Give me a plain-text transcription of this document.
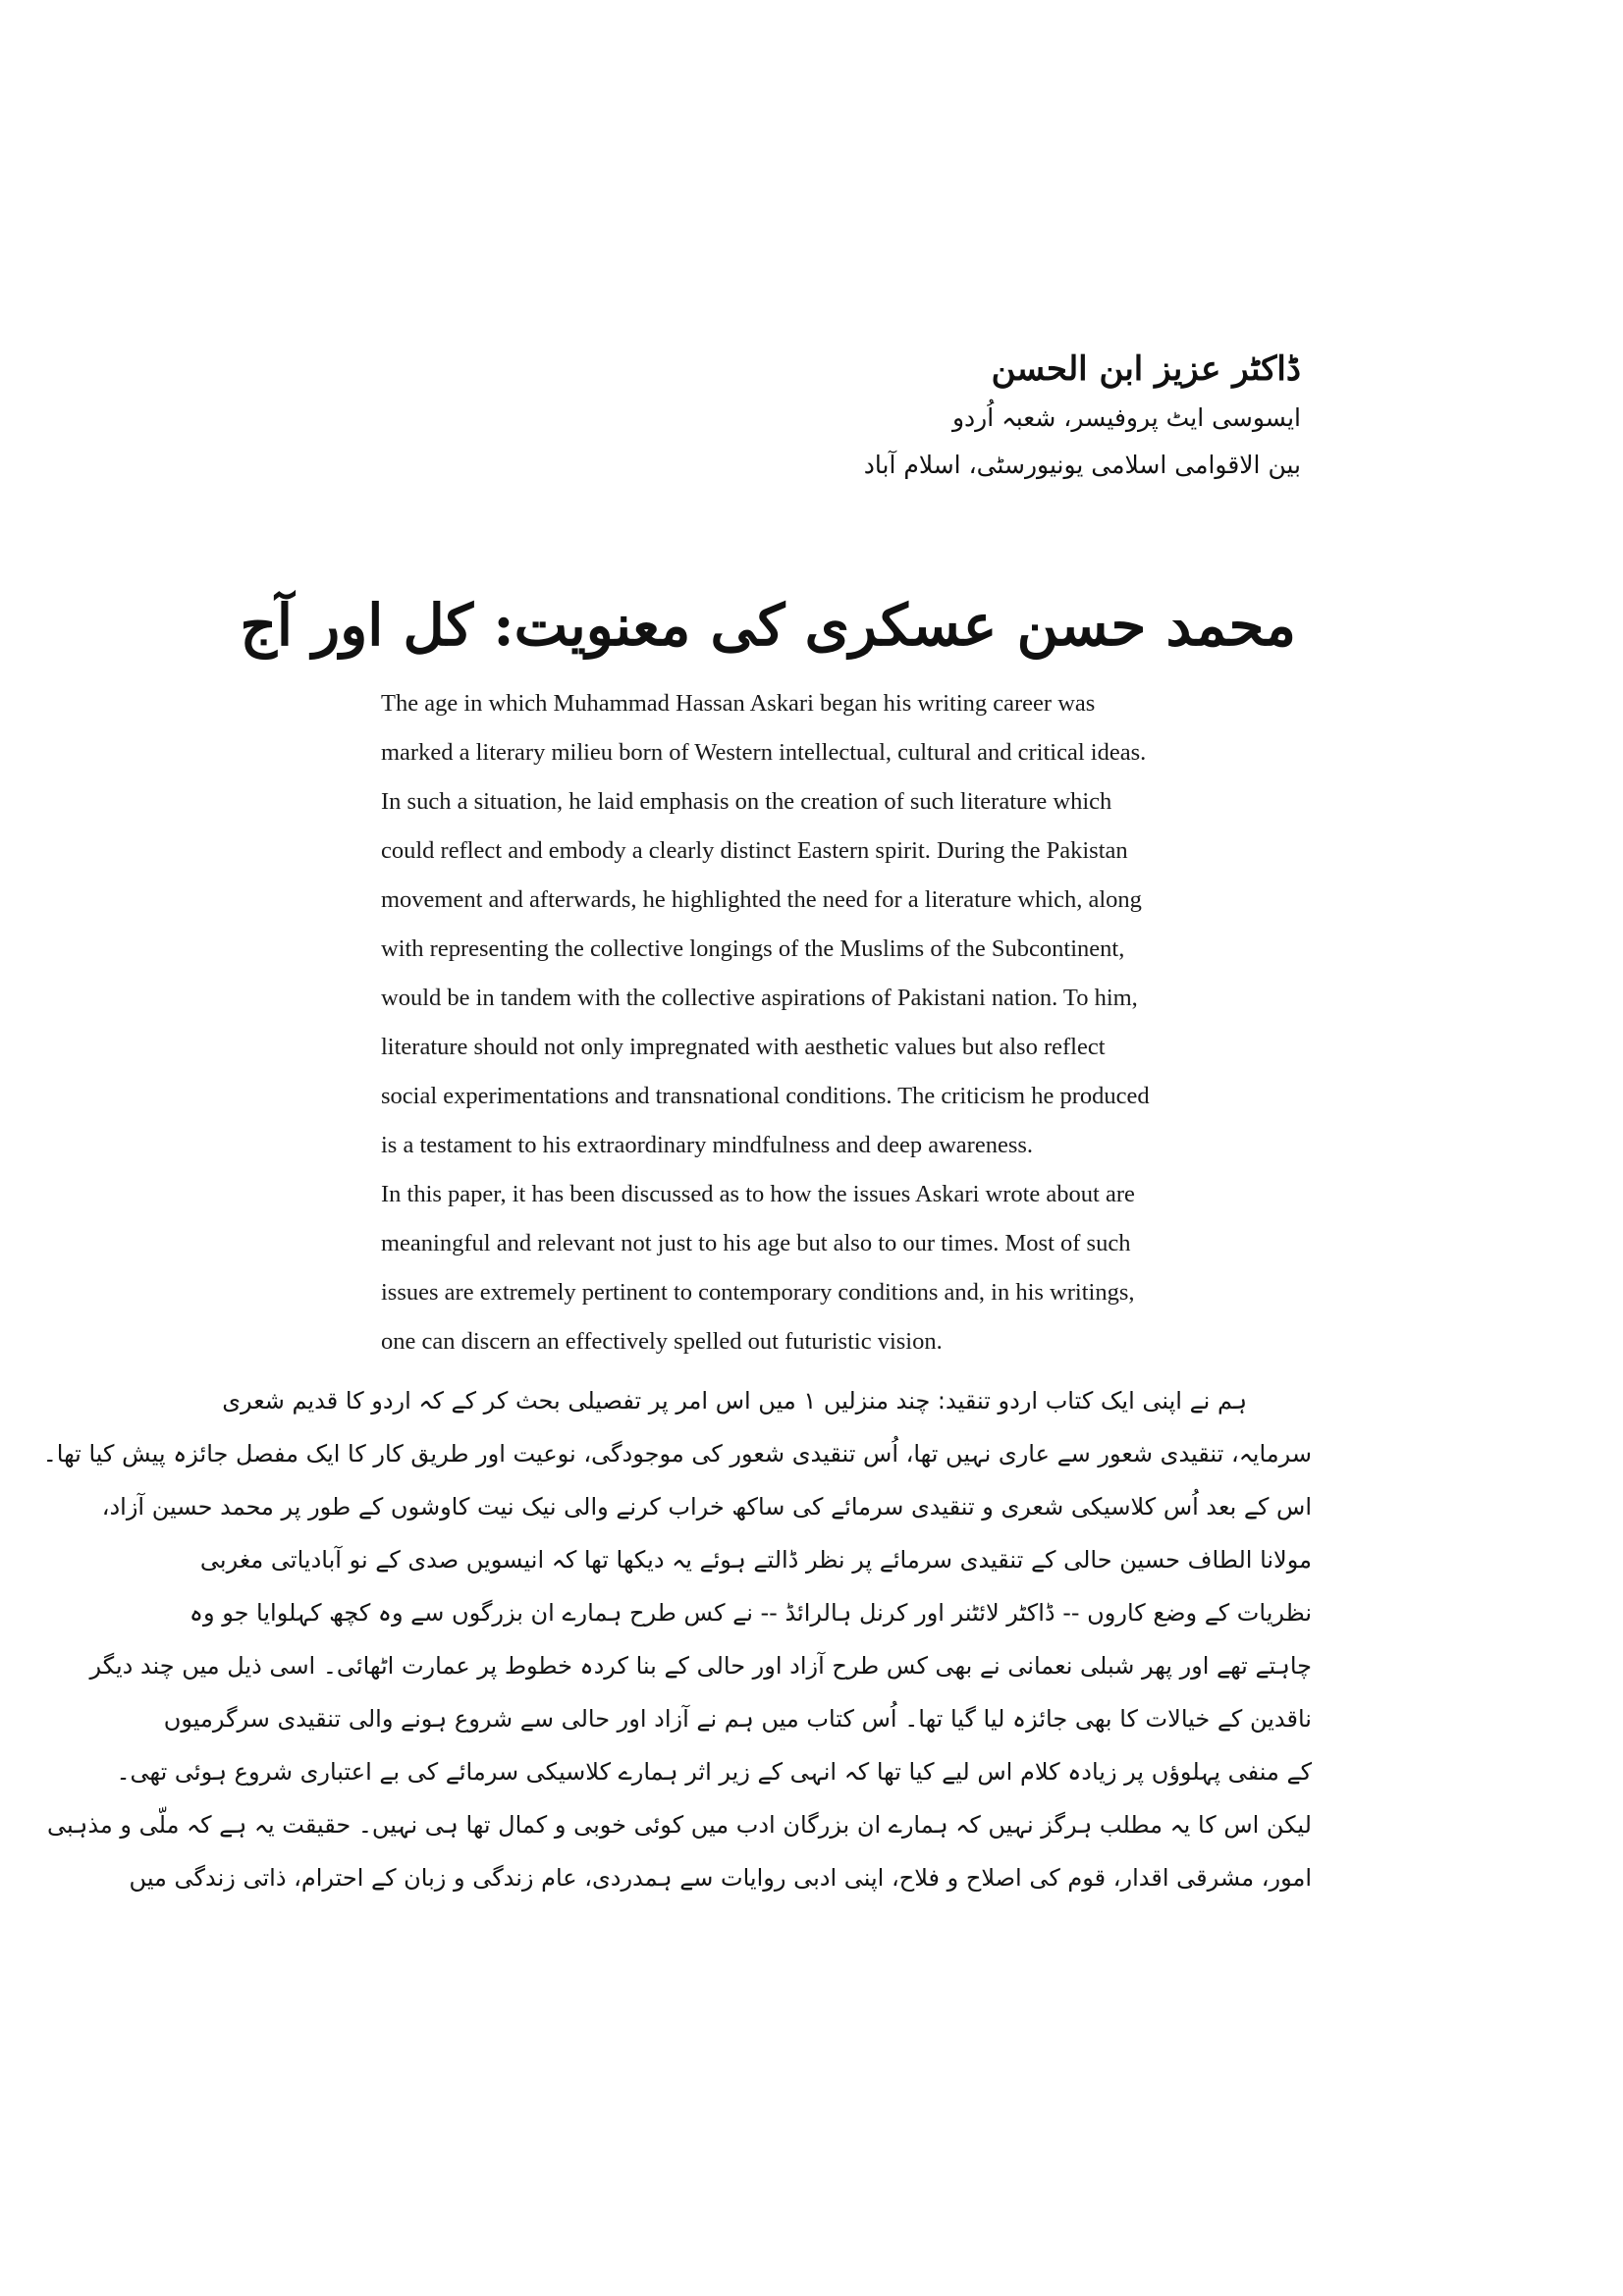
ڈاکٹر عزیز ابن الحسن
ایسوسی ایٹ پروفیسر، شعبہ اُردو
بین الاقوامی اسلامی یونیورسٹی، اسلام آباد
محمد حسن عسکری کی معنویت: کل اور آج
The age in which Muhammad Hassan Askari began his writing career was
marked a literary milieu born of Western intellectual, cultural and critical ideas.
In such a situation, he laid emphasis on the creation of such literature which
could reflect and embody a clearly distinct Eastern spirit. During the Pakistan
movement and afterwards, he highlighted the need for a literature which, along
with representing the collective longings of the Muslims of the Subcontinent,
would be in tandem with the collective aspirations of Pakistani nation. To him,
literature should not only impregnated with aesthetic values but also reflect
social experimentations and transnational conditions. The criticism he produced
is a testament to his extraordinary mindfulness and deep awareness.
In this paper, it has been discussed as to how the issues Askari wrote about are
meaningful and relevant not just to his age but also to our times. Most of such
issues are extremely pertinent to contemporary conditions and, in his writings,
one can discern an effectively spelled out futuristic vision.
ہم نے اپنی ایک کتاب اردو تنقید: چند منزلیں ۱ میں اس امر پر تفصیلی بحث کر کے کہ اردو کا قدیم شعری
سرمایہ، تنقیدی شعور سے عاری نہیں تھا، اُس تنقیدی شعور کی موجودگی، نوعیت اور طریق کار کا ایک مفصل جائزہ پیش کیا تھا۔
اس کے بعد اُس کلاسیکی شعری و تنقیدی سرمائے کی ساکھ خراب کرنے والی نیک نیت کاوشوں کے طور پر محمد حسین آزاد،
مولانا الطاف حسین حالی کے تنقیدی سرمائے پر نظر ڈالتے ہوئے یہ دیکھا تھا کہ انیسویں صدی کے نو آبادیاتی مغربی
نظریات کے وضع کاروں -- ڈاکٹر لائٹنر اور کرنل ہالرائڈ -- نے کس طرح ہمارے ان بزرگوں سے وہ کچھ کہلوایا جو وہ
چاہتے تھے اور پھر شبلی نعمانی نے بھی کس طرح آزاد اور حالی کے بنا کردہ خطوط پر عمارت اٹھائی۔ اسی ذیل میں چند دیگر
ناقدین کے خیالات کا بھی جائزہ لیا گیا تھا۔ اُس کتاب میں ہم نے آزاد اور حالی سے شروع ہونے والی تنقیدی سرگرمیوں
کے منفی پہلوؤں پر زیادہ کلام اس لیے کیا تھا کہ انہی کے زیر اثر ہمارے کلاسیکی سرمائے کی بے اعتباری شروع ہوئی تھی۔
لیکن اس کا یہ مطلب ہرگز نہیں کہ ہمارے ان بزرگان ادب میں کوئی خوبی و کمال تھا ہی نہیں۔ حقیقت یہ ہے کہ ملّی و مذہبی
امور، مشرقی اقدار، قوم کی اصلاح و فلاح، اپنی ادبی روایات سے ہمدردی، عام زندگی و زبان کے احترام، ذاتی زندگی میں
